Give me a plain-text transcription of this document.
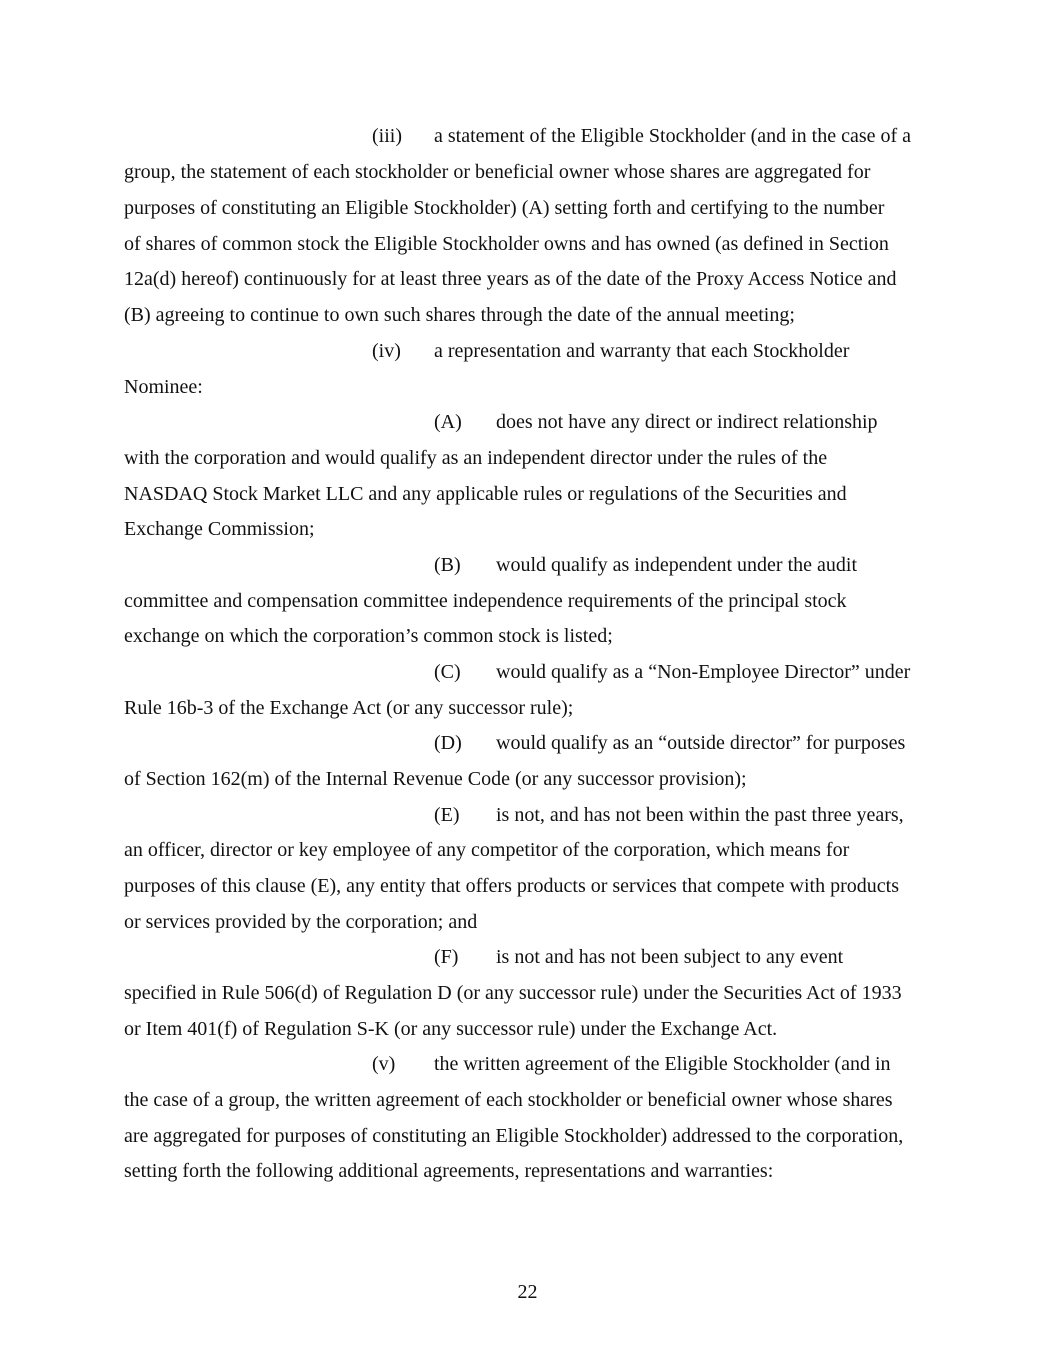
(iii) a statement of the Eligible Stockholder (and in the case of a
group, the statement of each stockholder or beneficial owner whose shares are aggregated for
purposes of constituting an Eligible Stockholder) (A) setting forth and certifying to the number
of shares of common stock the Eligible Stockholder owns and has owned (as defined in Section
12a(d) hereof) continuously for at least three years as of the date of the Proxy Access Notice and
(B) agreeing to continue to own such shares through the date of the annual meeting;
(iv) a representation and warranty that each Stockholder
Nominee:
(A) does not have any direct or indirect relationship
with the corporation and would qualify as an independent director under the rules of the
NASDAQ Stock Market LLC and any applicable rules or regulations of the Securities and
Exchange Commission;
(B) would qualify as independent under the audit
committee and compensation committee independence requirements of the principal stock
exchange on which the corporation’s common stock is listed;
(C) would qualify as a “Non-Employee Director” under
Rule 16b-3 of the Exchange Act (or any successor rule);
(D) would qualify as an “outside director” for purposes
of Section 162(m) of the Internal Revenue Code (or any successor provision);
(E) is not, and has not been within the past three years,
an officer, director or key employee of any competitor of the corporation, which means for
purposes of this clause (E), any entity that offers products or services that compete with products
or services provided by the corporation; and
(F) is not and has not been subject to any event
specified in Rule 506(d) of Regulation D (or any successor rule) under the Securities Act of 1933
or Item 401(f) of Regulation S-K (or any successor rule) under the Exchange Act.
(v) the written agreement of the Eligible Stockholder (and in
the case of a group, the written agreement of each stockholder or beneficial owner whose shares
are aggregated for purposes of constituting an Eligible Stockholder) addressed to the corporation,
setting forth the following additional agreements, representations and warranties:
22
